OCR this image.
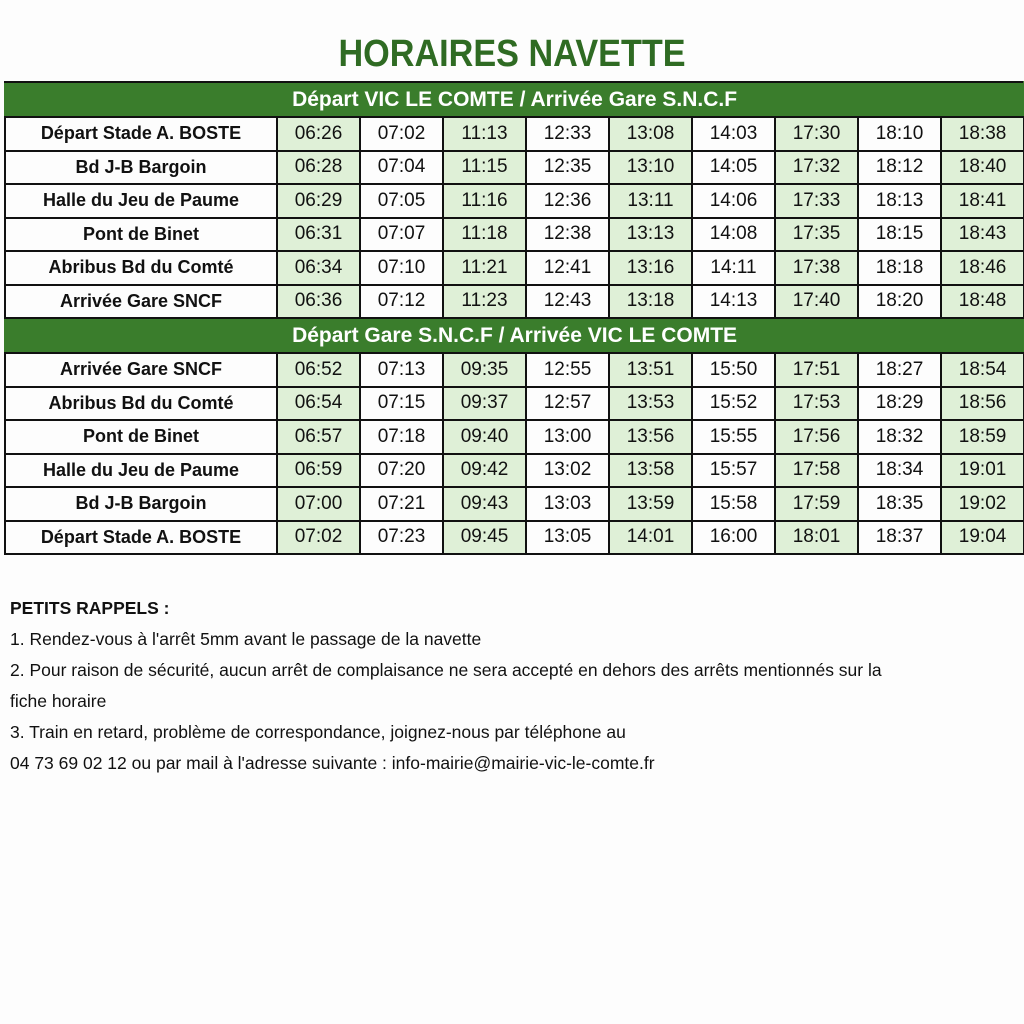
HORAIRES NAVETTE
Départ VIC LE COMTE / Arrivée Gare S.N.C.F									
Départ Stade A. BOSTE	06:26	07:02	11:13	12:33	13:08	14:03	17:30	18:10	18:38
Bd J-B Bargoin	06:28	07:04	11:15	12:35	13:10	14:05	17:32	18:12	18:40
Halle du Jeu de Paume	06:29	07:05	11:16	12:36	13:11	14:06	17:33	18:13	18:41
Pont de Binet	06:31	07:07	11:18	12:38	13:13	14:08	17:35	18:15	18:43
Abribus Bd du Comté	06:34	07:10	11:21	12:41	13:16	14:11	17:38	18:18	18:46
Arrivée Gare SNCF	06:36	07:12	11:23	12:43	13:18	14:13	17:40	18:20	18:48
Départ Gare S.N.C.F / Arrivée VIC LE COMTE									
Arrivée Gare SNCF	06:52	07:13	09:35	12:55	13:51	15:50	17:51	18:27	18:54
Abribus Bd du Comté	06:54	07:15	09:37	12:57	13:53	15:52	17:53	18:29	18:56
Pont de Binet	06:57	07:18	09:40	13:00	13:56	15:55	17:56	18:32	18:59
Halle du Jeu de Paume	06:59	07:20	09:42	13:02	13:58	15:57	17:58	18:34	19:01
Bd J-B Bargoin	07:00	07:21	09:43	13:03	13:59	15:58	17:59	18:35	19:02
Départ Stade A. BOSTE	07:02	07:23	09:45	13:05	14:01	16:00	18:01	18:37	19:04
PETITS RAPPELS :
1. Rendez-vous à l'arrêt 5mm avant le passage de la navette
2. Pour raison de sécurité, aucun arrêt de complaisance ne sera accepté en dehors des arrêts mentionnés sur la
fiche horaire
3. Train en retard, problème de correspondance, joignez-nous par téléphone au
04 73 69 02 12 ou par mail à l'adresse suivante : info-mairie@mairie-vic-le-comte.fr
